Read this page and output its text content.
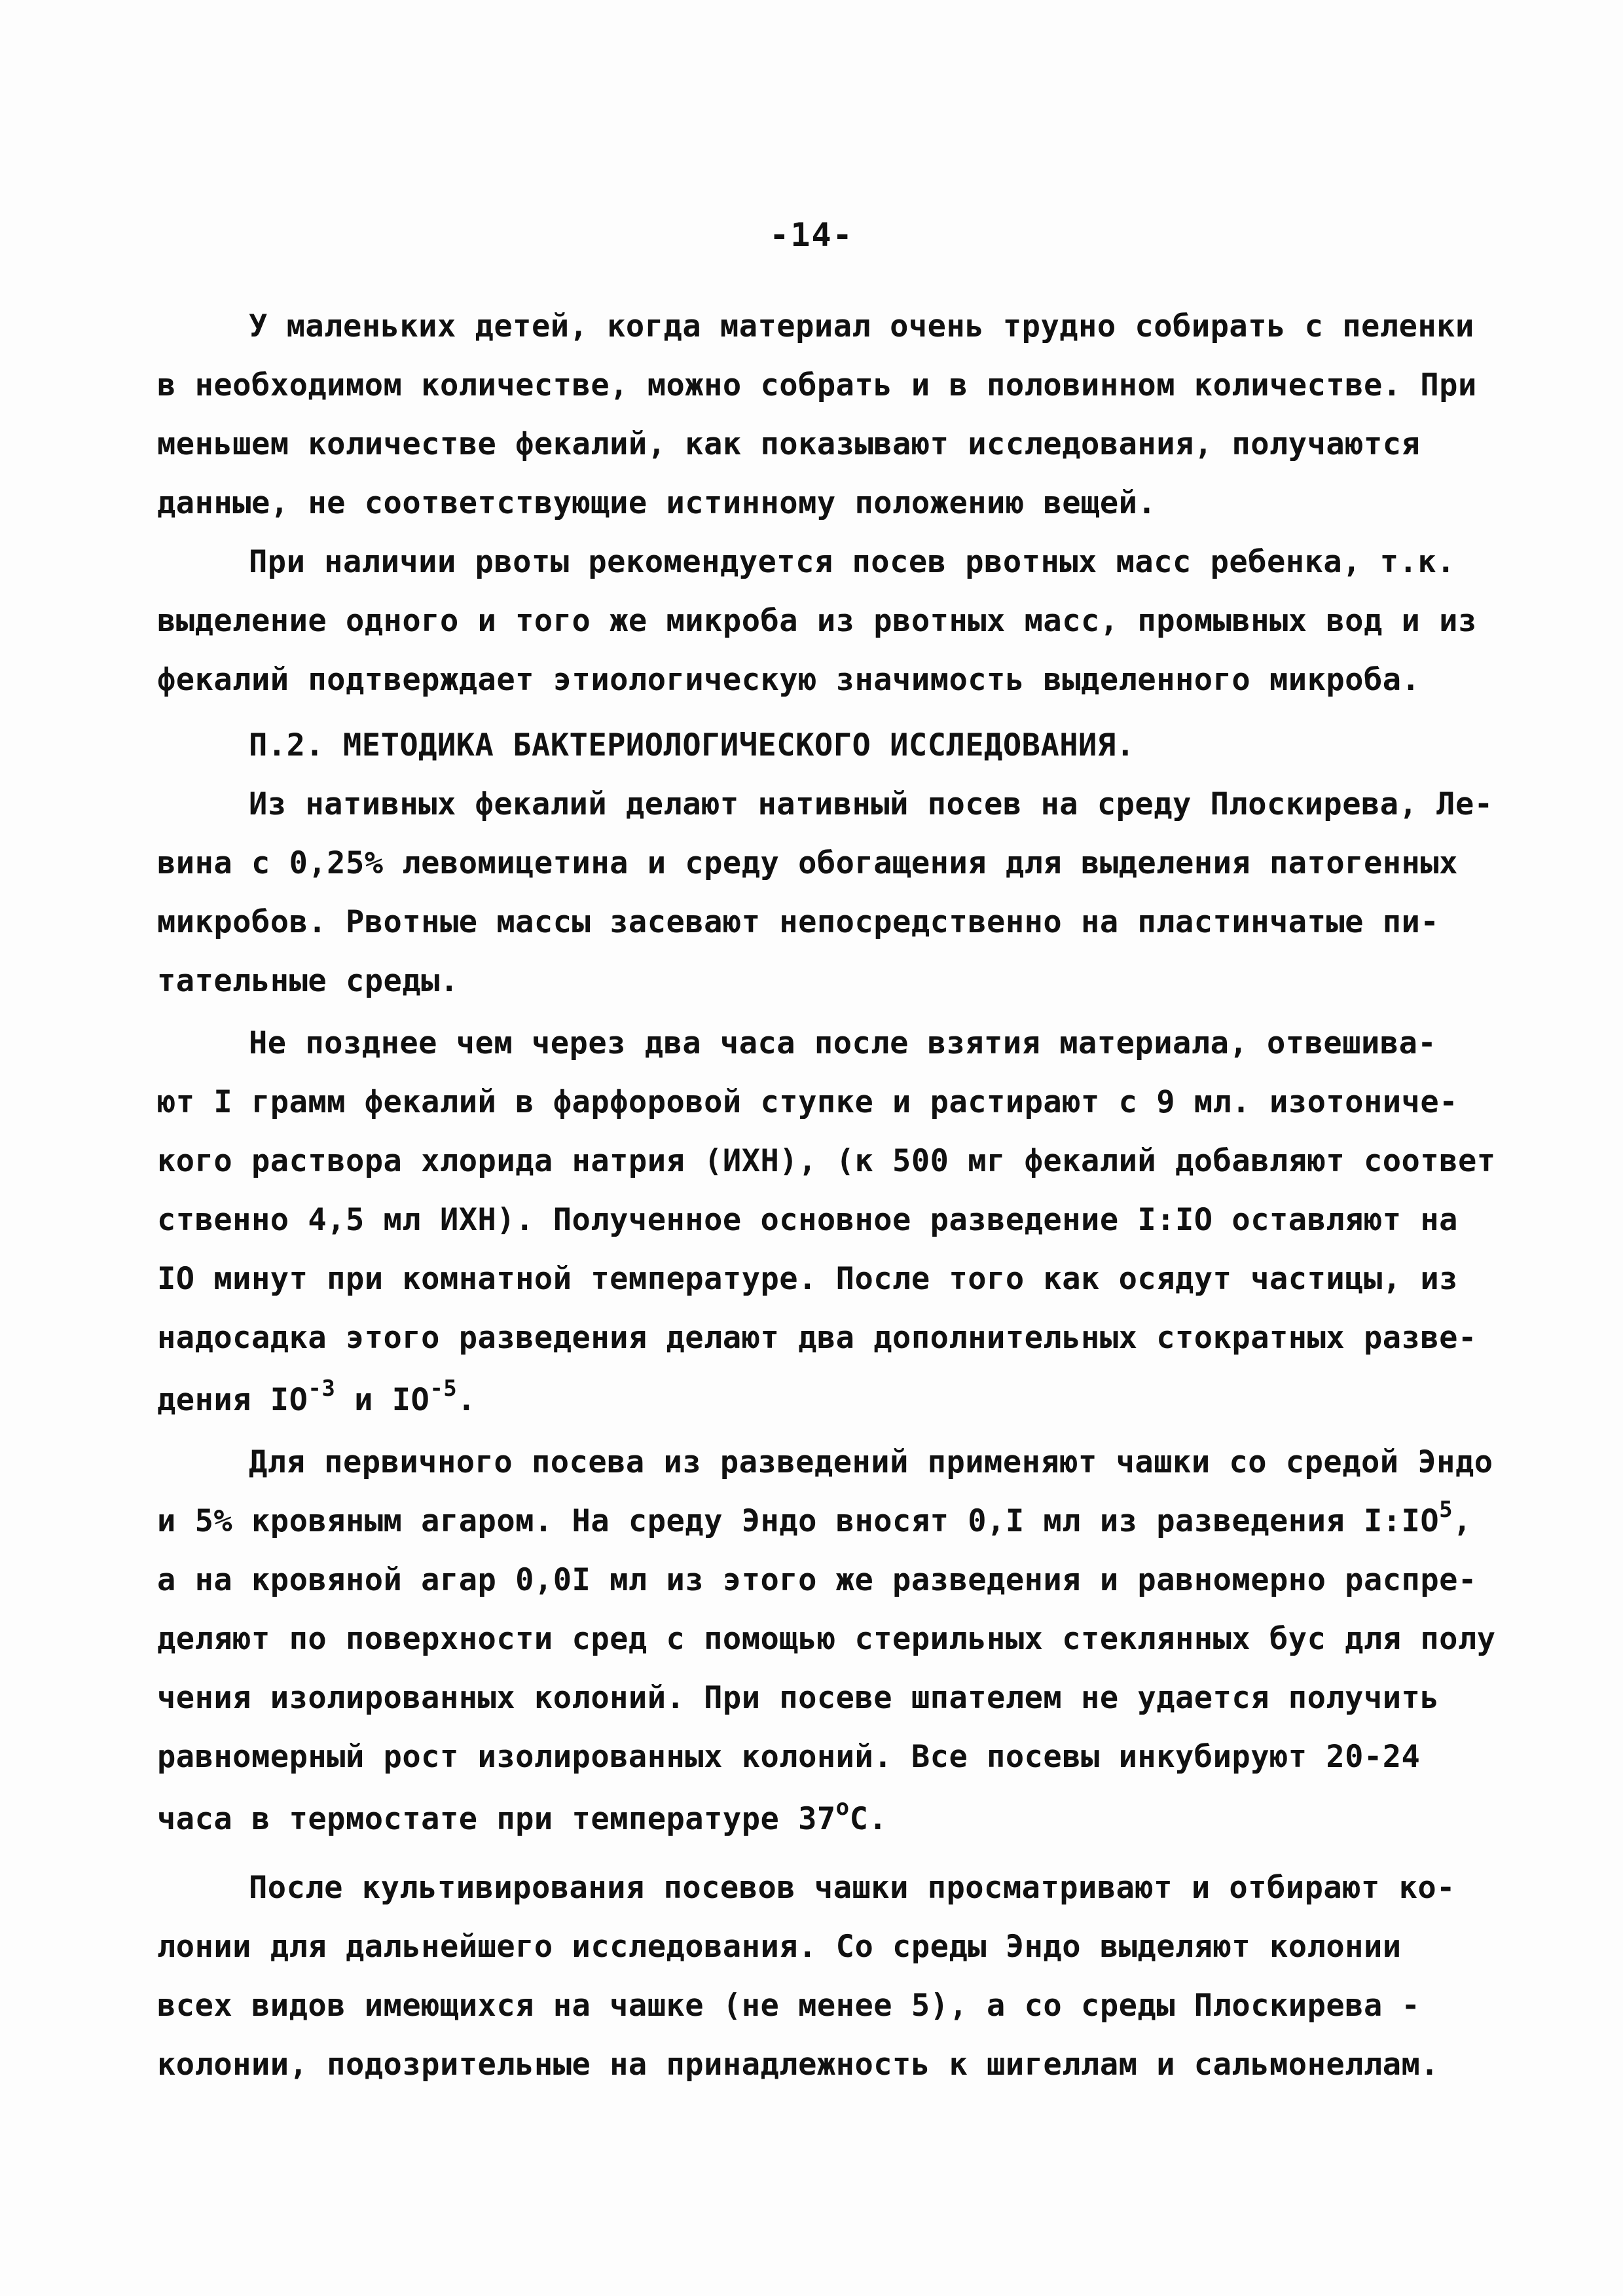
-14-
У маленьких детей, когда материал очень трудно собирать с пеленки
в необходимом количестве, можно собрать и в половинном количестве. При
меньшем количестве фекалий, как показывают исследования, получаются
данные, не соответствующие истинному положению вещей.
При наличии рвоты рекомендуется посев рвотных масс ребенка, т.к.
выделение одного и того же микроба из рвотных масс, промывных вод и из
фекалий подтверждает этиологическую значимость выделенного микроба.
П.2. МЕТОДИКА БАКТЕРИОЛОГИЧЕСКОГО ИССЛЕДОВАНИЯ.
Из нативных фекалий делают нативный посев на среду Плоскирева, Ле-
вина с 0,25% левомицетина и среду обогащения для выделения патогенных
микробов. Рвотные массы засевают непосредственно на пластинчатые пи-
тательные среды.
Не позднее чем через два часа после взятия материала, отвешива-
ют I грамм фекалий в фарфоровой ступке и растирают с 9 мл. изотониче-
кого раствора хлорида натрия (ИХН), (к 500 мг фекалий добавляют соответ
ственно 4,5 мл ИХН). Полученное основное разведение I:IO оставляют на
IO минут при комнатной температуре. После того как осядут частицы, из
надосадка этого разведения делают два дополнительных стократных разве-
дения $IO^{-3}$ и $IO^{-5}$.
Для первичного посева из разведений применяют чашки со средой Эндо
и 5% кровяным агаром. На среду Эндо вносят 0,I мл из разведения $I:IO^5$,
а на кровяной агар 0,0I мл из этого же разведения и равномерно распре-
деляют по поверхности сред с помощью стерильных стеклянных бус для полу
чения изолированных колоний. При посеве шпателем не удается получить
равномерный рост изолированных колоний. Все посевы инкубируют 20-24
часа в термостате при температуре 37$^o$C.
После культивирования посевов чашки просматривают и отбирают ко-
лонии для дальнейшего исследования. Со среды Эндо выделяют колонии
всех видов имеющихся на чашке (не менее 5), а со среды Плоскирева -
колонии, подозрительные на принадлежность к шигеллам и сальмонеллам.
